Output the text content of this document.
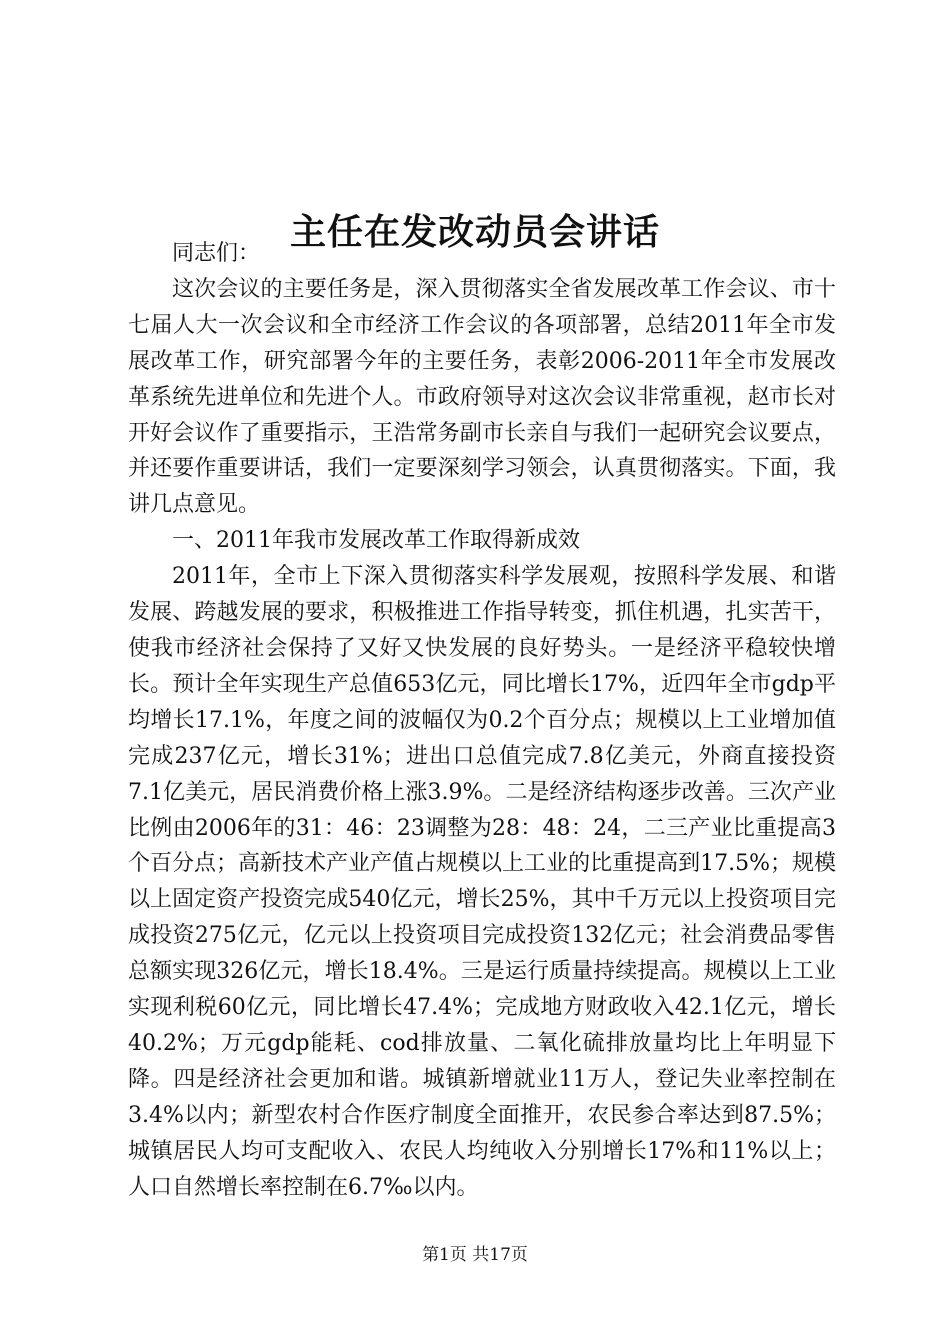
主任在发改动员会讲话

同志们：

这次会议的主要任务是，深入贯彻落实全省发展改革工作会议、市十七届人大一次会议和全市经济工作会议的各项部署，总结2011年全市发展改革工作，研究部署今年的主要任务，表彰2006-2011年全市发展改革系统先进单位和先进个人。市政府领导对这次会议非常重视，赵市长对开好会议作了重要指示，王浩常务副市长亲自与我们一起研究会议要点，并还要作重要讲话，我们一定要深刻学习领会，认真贯彻落实。下面，我讲几点意见。

一、2011年我市发展改革工作取得新成效

2011年，全市上下深入贯彻落实科学发展观，按照科学发展、和谐发展、跨越发展的要求，积极推进工作指导转变，抓住机遇，扎实苦干，使我市经济社会保持了又好又快发展的良好势头。一是经济平稳较快增长。预计全年实现生产总值653亿元，同比增长17%，近四年全市gdp平均增长17.1%，年度之间的波幅仅为0.2个百分点；规模以上工业增加值完成237亿元，增长31%；进出口总值完成7.8亿美元，外商直接投资7.1亿美元，居民消费价格上涨3.9%。二是经济结构逐步改善。三次产业比例由2006年的31：46：23调整为28：48：24，二三产业比重提高3个百分点；高新技术产业产值占规模以上工业的比重提高到17.5%；规模以上固定资产投资完成540亿元，增长25%，其中千万元以上投资项目完成投资275亿元，亿元以上投资项目完成投资132亿元；社会消费品零售总额实现326亿元，增长18.4%。三是运行质量持续提高。规模以上工业实现利税60亿元，同比增长47.4%；完成地方财政收入42.1亿元，增长40.2%；万元gdp能耗、cod排放量、二氧化硫排放量均比上年明显下降。四是经济社会更加和谐。城镇新增就业11万人，登记失业率控制在3.4%以内；新型农村合作医疗制度全面推开，农民参合率达到87.5%；城镇居民人均可支配收入、农民人均纯收入分别增长17%和11%以上；人口自然增长率控制在6.7‰以内。

第1页 共17页
